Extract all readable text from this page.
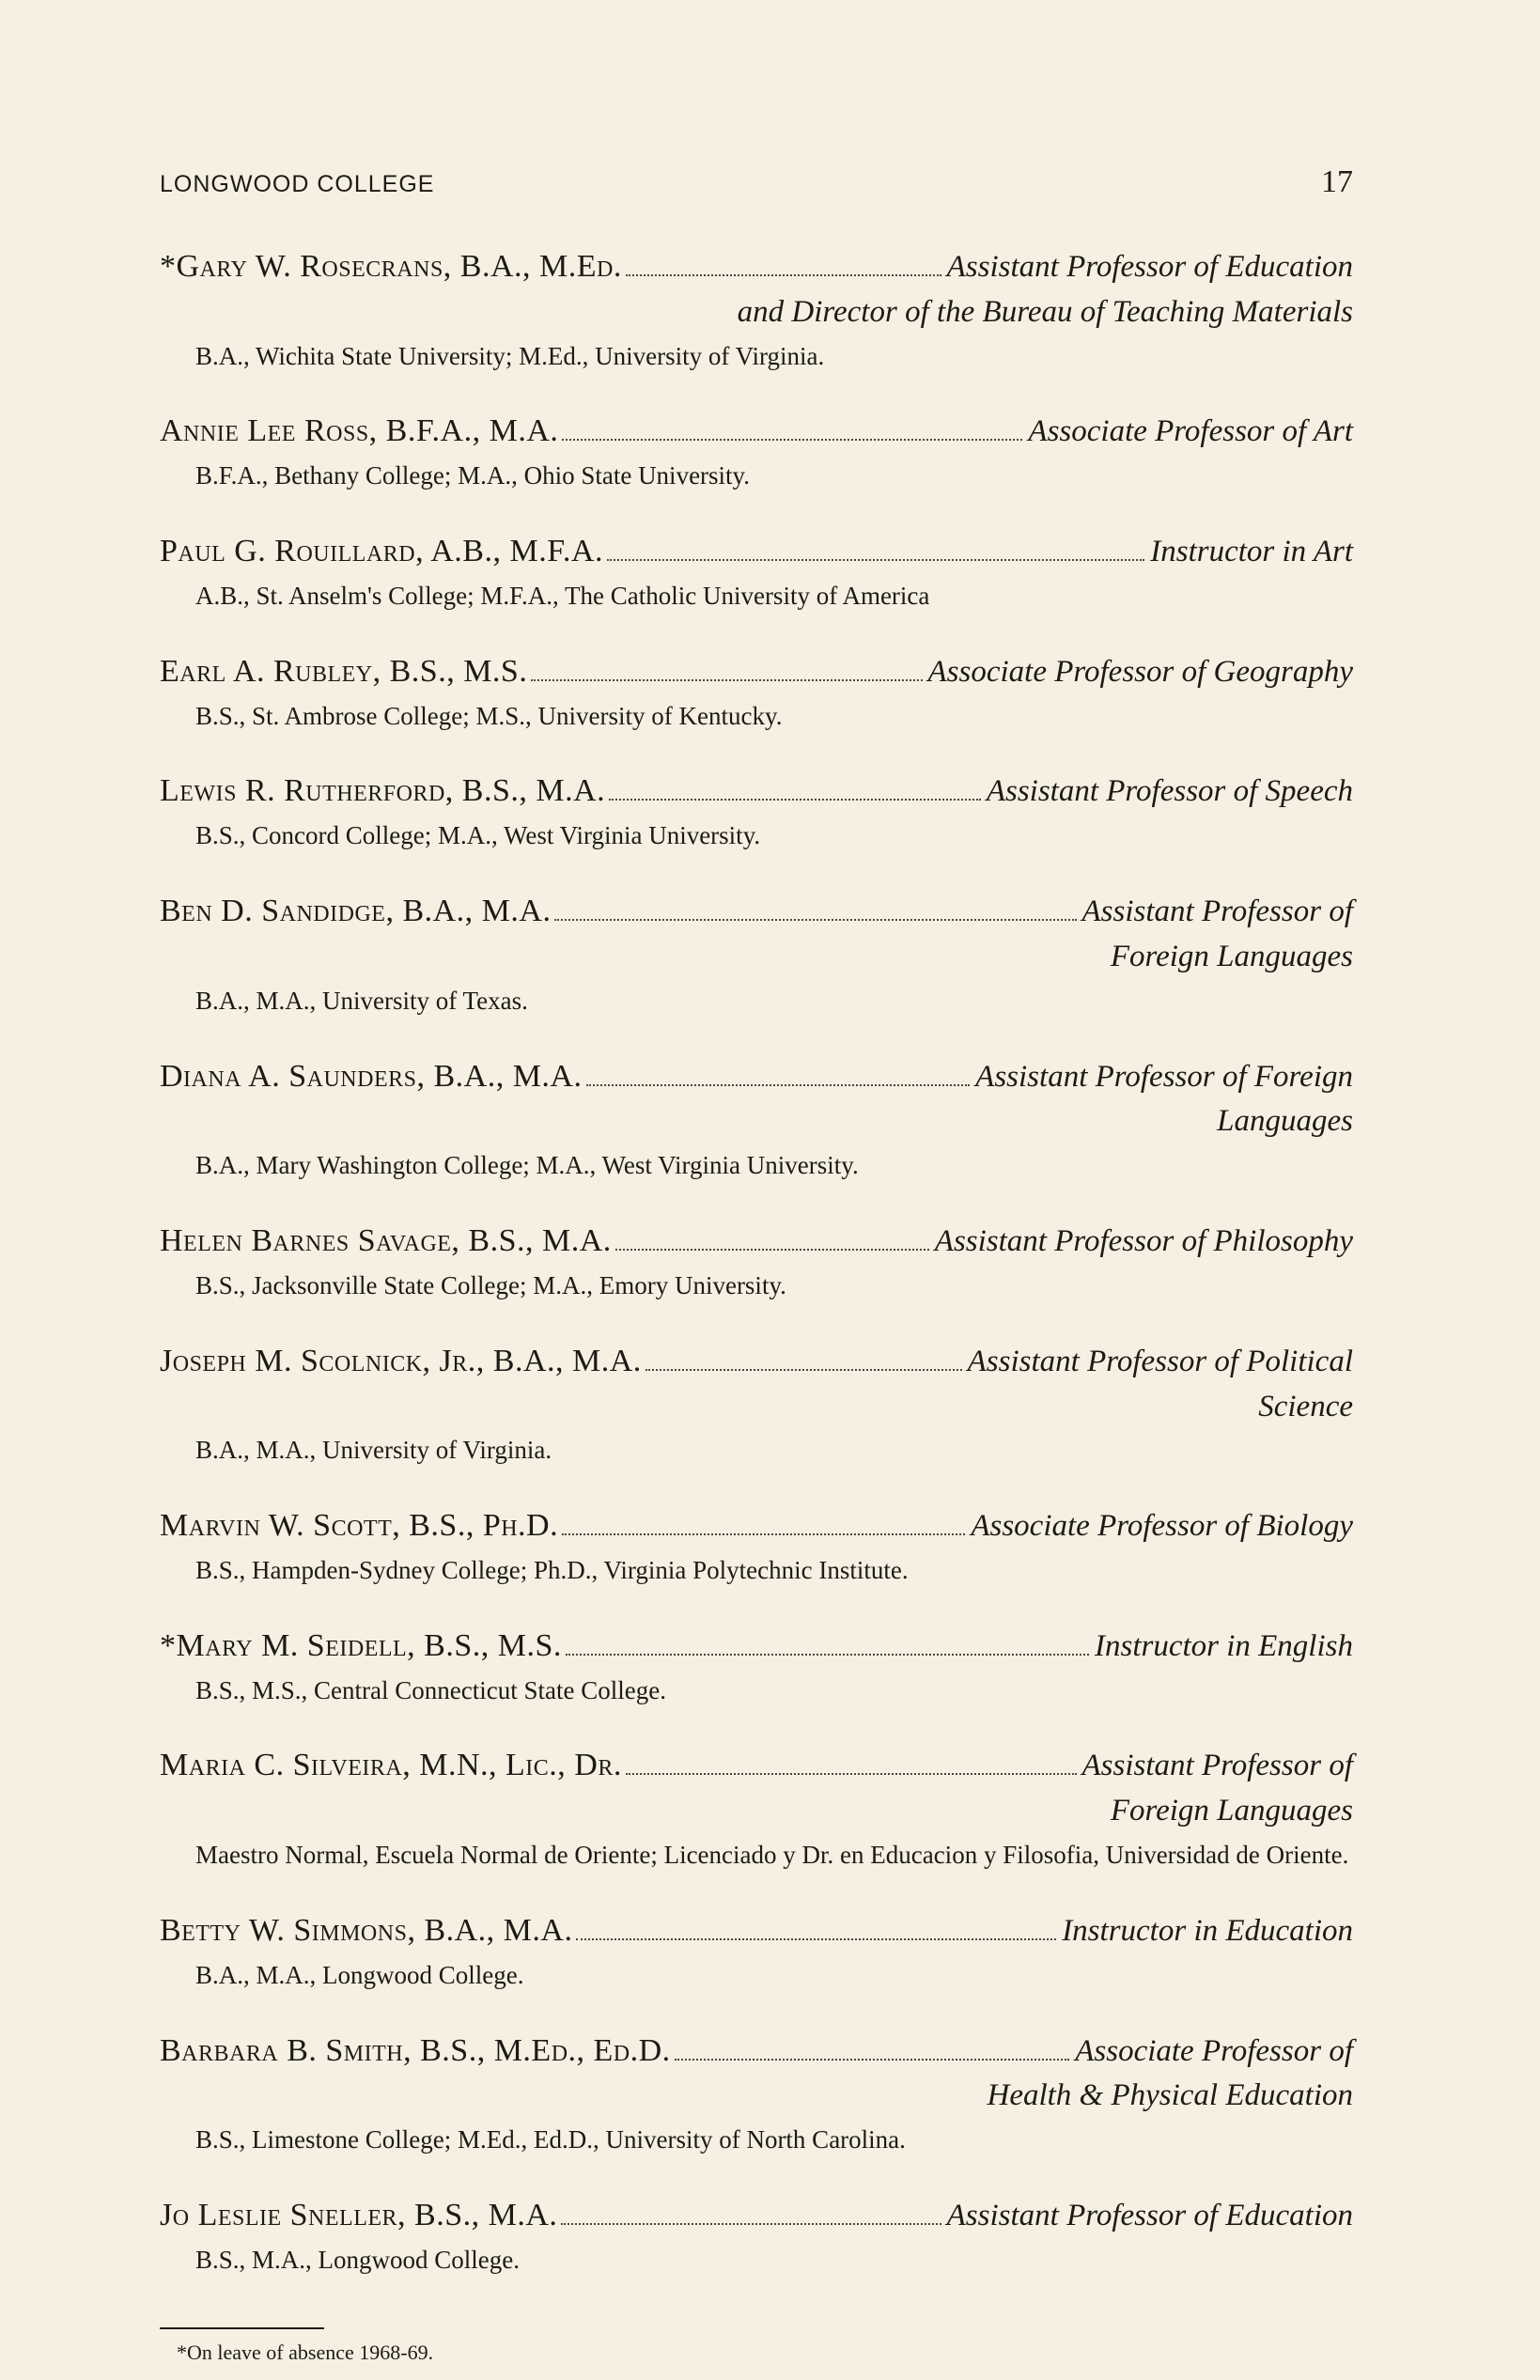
LONGWOOD COLLEGE	17
*Gary W. Rosecrans, B.A., M.Ed.	Assistant Professor of Education
and Director of the Bureau of Teaching Materials
B.A., Wichita State University; M.Ed., University of Virginia.
Annie Lee Ross, B.F.A., M.A.	Associate Professor of Art
B.F.A., Bethany College; M.A., Ohio State University.
Paul G. Rouillard, A.B., M.F.A.	Instructor in Art
A.B., St. Anselm's College; M.F.A., The Catholic University of America
Earl A. Rubley, B.S., M.S.	Associate Professor of Geography
B.S., St. Ambrose College; M.S., University of Kentucky.
Lewis R. Rutherford, B.S., M.A.	Assistant Professor of Speech
B.S., Concord College; M.A., West Virginia University.
Ben D. Sandidge, B.A., M.A.	Assistant Professor of
Foreign Languages
B.A., M.A., University of Texas.
Diana A. Saunders, B.A., M.A.	Assistant Professor of Foreign
Languages
B.A., Mary Washington College; M.A., West Virginia University.
Helen Barnes Savage, B.S., M.A.	Assistant Professor of Philosophy
B.S., Jacksonville State College; M.A., Emory University.
Joseph M. Scolnick, Jr., B.A., M.A.	Assistant Professor of Political
Science
B.A., M.A., University of Virginia.
Marvin W. Scott, B.S., Ph.D.	Associate Professor of Biology
B.S., Hampden-Sydney College; Ph.D., Virginia Polytechnic Institute.
*Mary M. Seidell, B.S., M.S.	Instructor in English
B.S., M.S., Central Connecticut State College.
Maria C. Silveira, M.N., Lic., Dr.	Assistant Professor of
Foreign Languages
Maestro Normal, Escuela Normal de Oriente; Licenciado y Dr. en Educacion y Filosofia, Universidad de Oriente.
Betty W. Simmons, B.A., M.A.	Instructor in Education
B.A., M.A., Longwood College.
Barbara B. Smith, B.S., M.Ed., Ed.D.	Associate Professor of
Health & Physical Education
B.S., Limestone College; M.Ed., Ed.D., University of North Carolina.
Jo Leslie Sneller, B.S., M.A.	Assistant Professor of Education
B.S., M.A., Longwood College.
*On leave of absence 1968-69.
